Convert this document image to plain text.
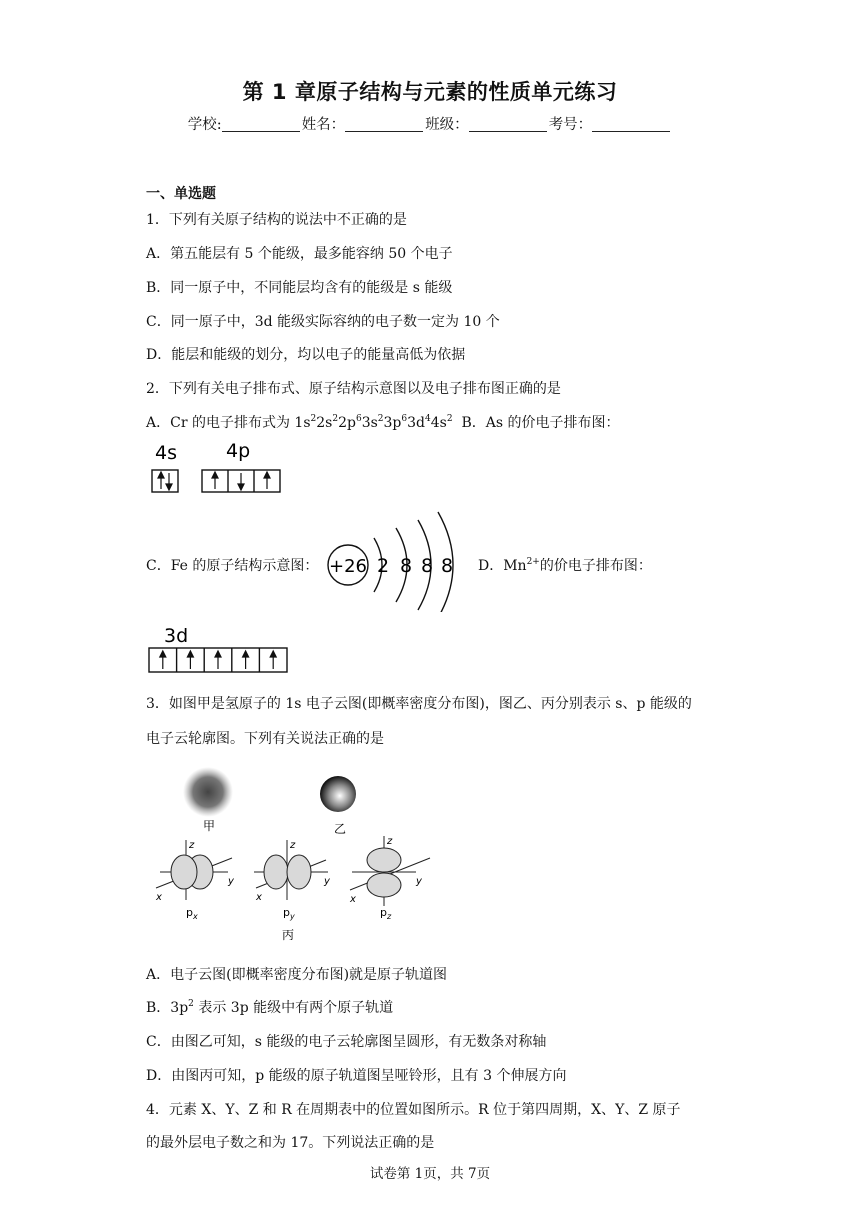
第 1 章原子结构与元素的性质单元练习
学校:	姓名：	班级：	考号：
一、单选题
1．下列有关原子结构的说法中不正确的是
A．第五能层有 5 个能级，最多能容纳 50 个电子
B．同一原子中，不同能层均含有的能级是 s 能级
C．同一原子中，3d 能级实际容纳的电子数一定为 10 个
D．能层和能级的划分，均以电子的能量高低为依据
2．下列有关电子排布式、原子结构示意图以及电子排布图正确的是
A．Cr 的电子排布式为 $1s^22s^22p^63s^23p^63d^44s^2$ B．As 的价电子排布图：
4s	4p
C．Fe 的原子结构示意图： +26 2 8 8 8 D．$Mn^{2+}$的价电子排布图：
3d
3．如图甲是氢原子的 1s 电子云图(即概率密度分布图)，图乙、丙分别表示 s、p 能级的
电子云轮廓图。下列有关说法正确的是
甲	乙
z
y
x
$p_x$
z
y
x
$p_y$
丙
z
y
x
$p_z$
A．电子云图(即概率密度分布图)就是原子轨道图
B．$3p^2$ 表示 3p 能级中有两个原子轨道
C．由图乙可知，s 能级的电子云轮廓图呈圆形，有无数条对称轴
D．由图丙可知，p 能级的原子轨道图呈哑铃形，且有 3 个伸展方向
4．元素 X、Y、Z 和 R 在周期表中的位置如图所示。R 位于第四周期，X、Y、Z 原子
的最外层电子数之和为 17。下列说法正确的是
试卷第 1页，共 7页
